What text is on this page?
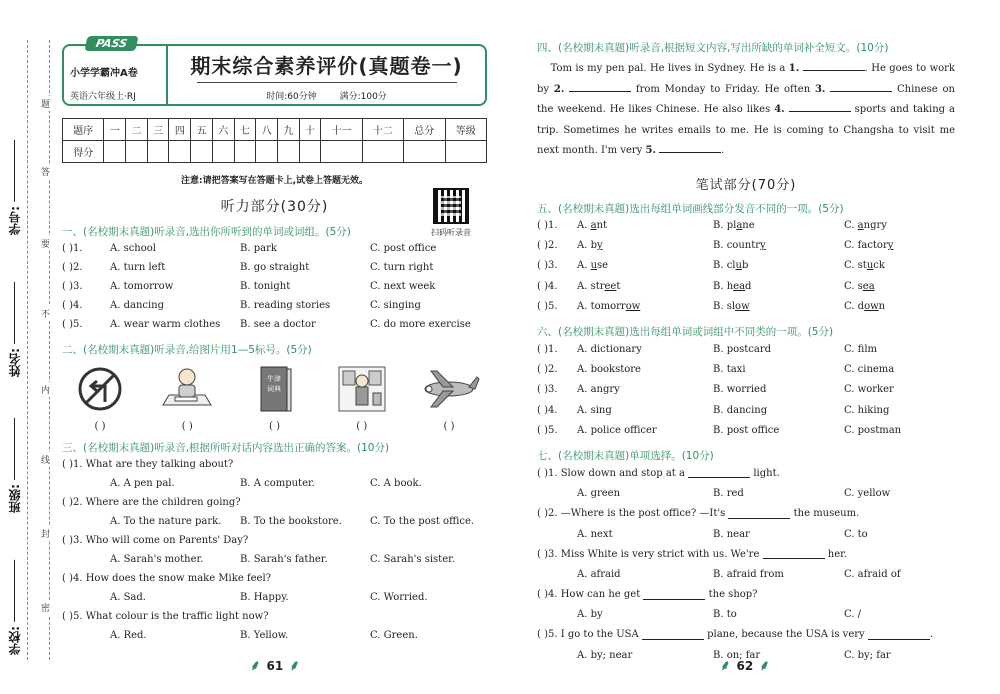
学号:
姓名:
班级:
学校:
题
答
要
不
内
线
封
密
PASS
小学学霸冲A卷
英语六年级上·RJ
期末综合素养评价(真题卷一)
时间:60分钟	满分:100分
题序	一	二	三	四	五	六	七	八	九	十	十一	十二	总分	等级
得分														
注意:请把答案写在答题卡上,试卷上答题无效。
听力部分(30分)
一、(名校期末真题)听录音,选出你所听到的单词或词组。(5分)
( )1.	A. school	B. park	C. post office
( )2.	A. turn left	B. go straight	C. turn right
( )3.	A. tomorrow	B. tonight	C. next week
( )4.	A. dancing	B. reading stories	C. singing
( )5.	A. wear warm clothes	B. see a doctor	C. do more exercise
二、(名校期末真题)听录音,给图片用1—5标号。(5分)
( )	( )
牛津
词典
( )	( )	( )
三、(名校期末真题)听录音,根据所听对话内容选出正确的答案。(10分)
( )1. What are they talking about?
A. A pen pal.	B. A computer.	C. A book.
( )2. Where are the children going?
A. To the nature park.	B. To the bookstore.	C. To the post office.
( )3. Who will come on Parents' Day?
A. Sarah's mother.	B. Sarah's father.	C. Sarah's sister.
( )4. How does the snow make Mike feel?
A. Sad.	B. Happy.	C. Worried.
( )5. What colour is the traffic light now?
A. Red.	B. Yellow.	C. Green.
扫码听录音
⸙ 61 ⸙
四、(名校期末真题)听录音,根据短文内容,写出所缺的单词补全短文。(10分)
Tom is my pen pal. He lives in Sydney. He is a 1.	. He goes to work by 2.	from Monday to Friday. He often 3.	Chinese on the weekend. He likes Chinese. He also likes 4.	sports and taking a trip. Sometimes he writes emails to me. He is coming to Changsha to visit me next month. I'm very 5.	.
笔试部分(70分)
五、(名校期末真题)选出每组单词画线部分发音不同的一项。(5分)
( )1.	A. ant	B. plane	C. angry
( )2.	A. by	B. country	C. factory
( )3.	A. use	B. club	C. stuck
( )4.	A. street	B. head	C. sea
( )5.	A. tomorrow	B. slow	C. down
六、(名校期末真题)选出每组单词或词组中不同类的一项。(5分)
( )1.	A. dictionary	B. postcard	C. film
( )2.	A. bookstore	B. taxi	C. cinema
( )3.	A. angry	B. worried	C. worker
( )4.	A. sing	B. dancing	C. hiking
( )5.	A. police officer	B. post office	C. postman
七、(名校期末真题)单项选择。(10分)
( )1. Slow down and stop at a

	light.
A. green	B. red	C. yellow
( )2. —Where is the post office? —It's

	the museum.
A. next	B. near	C. to
( )3. Miss White is very strict with us. We're

	her.
A. afraid	B. afraid from	C. afraid of
( )4. How can he get

	the shop?
A. by	B. to	C. /
( )5. I go to the USA

	plane, because the USA is very
	.
A. by; near	B. on; far	C. by; far
⸙ 62 ⸙
